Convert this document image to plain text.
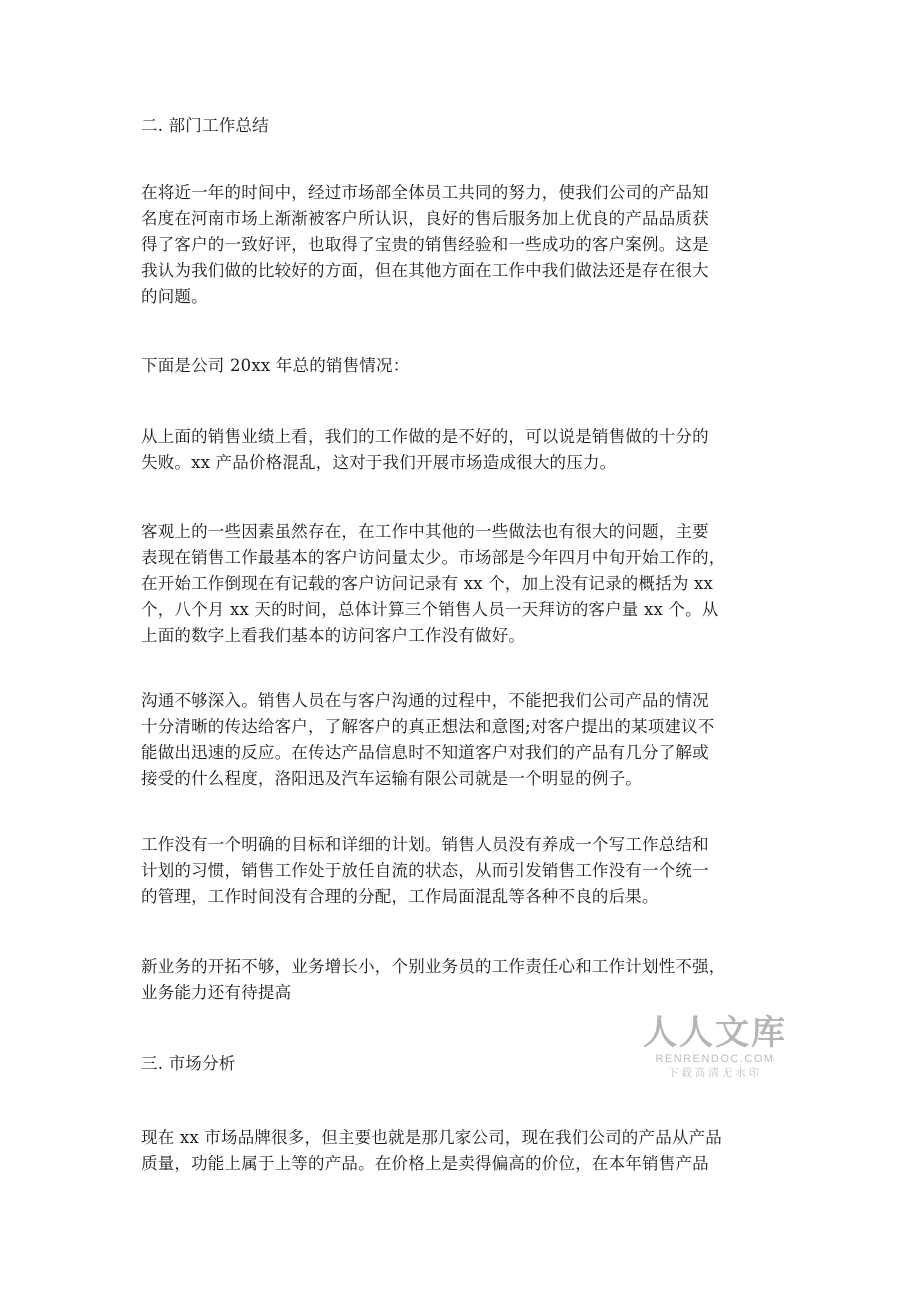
二. 部门工作总结

在将近一年的时间中，经过市场部全体员工共同的努力，使我们公司的产品知
名度在河南市场上渐渐被客户所认识，良好的售后服务加上优良的产品品质获
得了客户的一致好评，也取得了宝贵的销售经验和一些成功的客户案例。这是
我认为我们做的比较好的方面，但在其他方面在工作中我们做法还是存在很大
的问题。

下面是公司 20xx 年总的销售情况：

从上面的销售业绩上看，我们的工作做的是不好的，可以说是销售做的十分的
失败。xx 产品价格混乱，这对于我们开展市场造成很大的压力。

客观上的一些因素虽然存在，在工作中其他的一些做法也有很大的问题，主要
表现在销售工作最基本的客户访问量太少。市场部是今年四月中旬开始工作的，
在开始工作倒现在有记载的客户访问记录有 xx 个，加上没有记录的概括为 xx
个，八个月 xx 天的时间，总体计算三个销售人员一天拜访的客户量 xx 个。从
上面的数字上看我们基本的访问客户工作没有做好。

沟通不够深入。销售人员在与客户沟通的过程中，不能把我们公司产品的情况
十分清晰的传达给客户，了解客户的真正想法和意图;对客户提出的某项建议不
能做出迅速的反应。在传达产品信息时不知道客户对我们的产品有几分了解或
接受的什么程度，洛阳迅及汽车运输有限公司就是一个明显的例子。

工作没有一个明确的目标和详细的计划。销售人员没有养成一个写工作总结和
计划的习惯，销售工作处于放任自流的状态，从而引发销售工作没有一个统一
的管理，工作时间没有合理的分配，工作局面混乱等各种不良的后果。

新业务的开拓不够，业务增长小，个别业务员的工作责任心和工作计划性不强，
业务能力还有待提高

三. 市场分析

现在 xx 市场品牌很多，但主要也就是那几家公司，现在我们公司的产品从产品
质量，功能上属于上等的产品。在价格上是卖得偏高的价位，在本年销售产品

人人文库
RENRENDOC.COM
下载高清无水印
